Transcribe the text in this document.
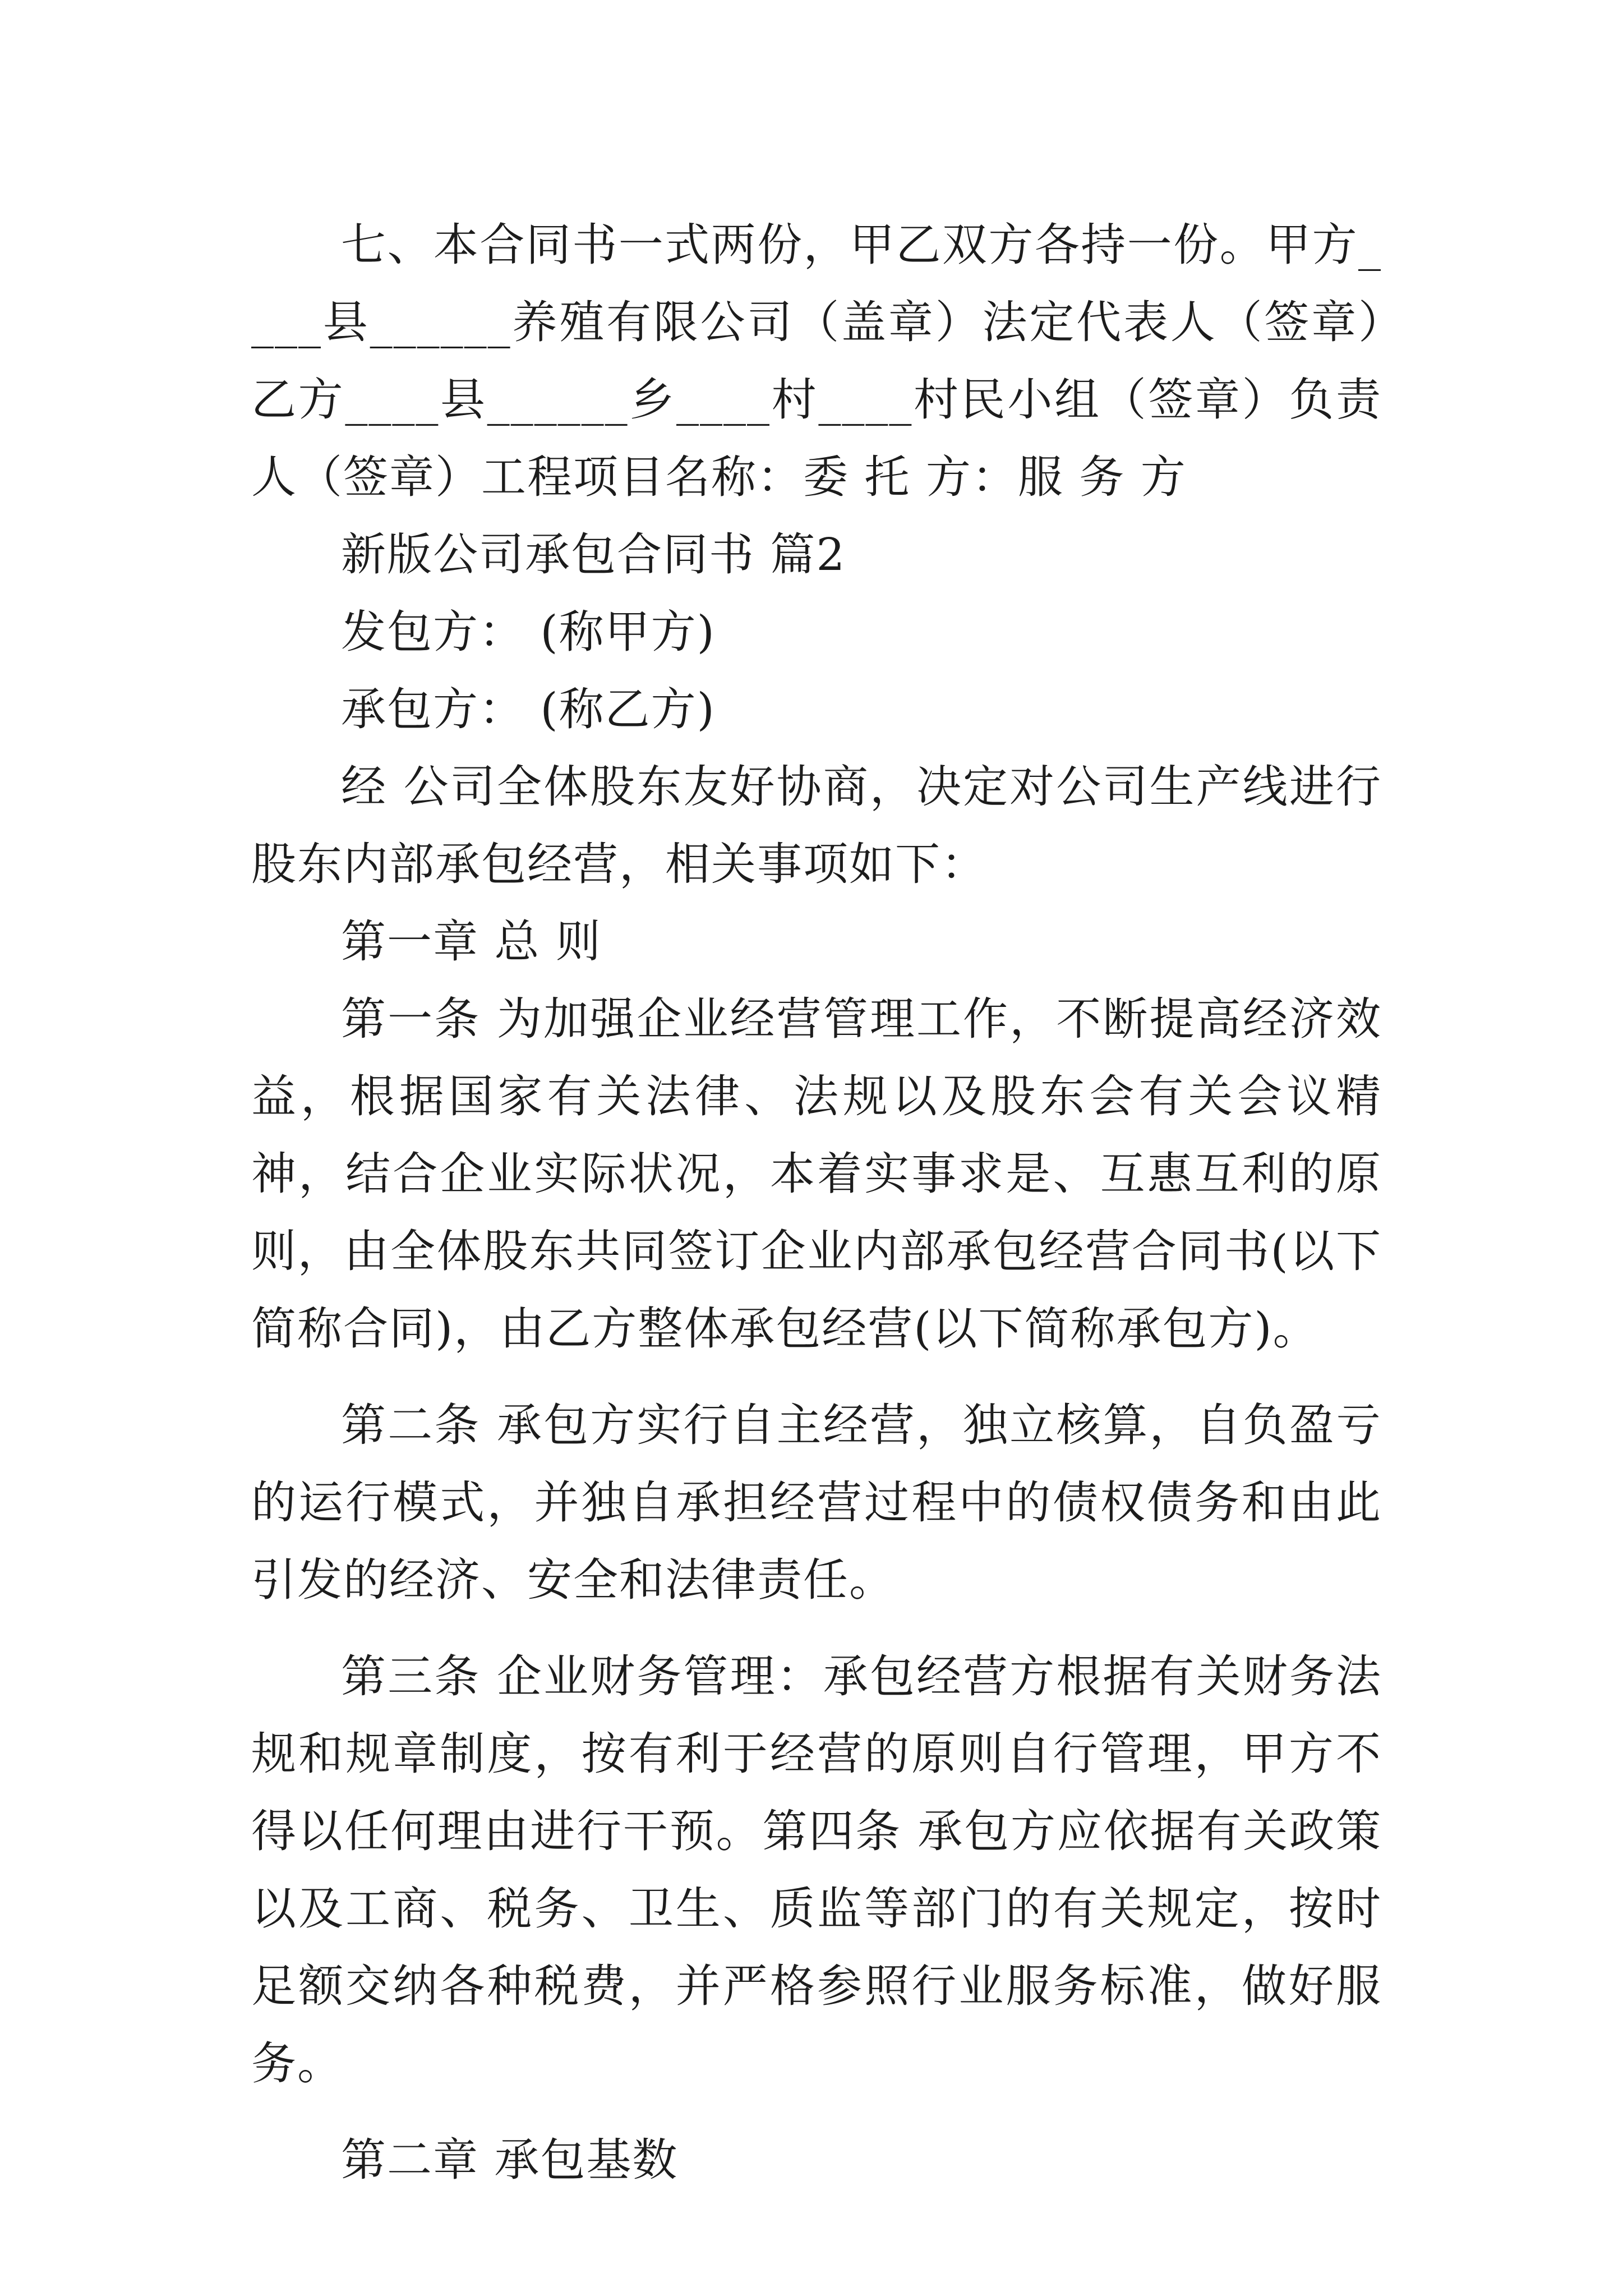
七、本合同书一式两份，甲乙双方各持一份。甲方____县______养殖有限公司（盖章）法定代表人（签章）乙方____县______乡____村____村民小组（签章）负责人（签章）工程项目名称：委 托 方：服 务 方

新版公司承包合同书 篇2

发包方： (称甲方)

承包方： (称乙方)

经 公司全体股东友好协商，决定对公司生产线进行股东内部承包经营，相关事项如下：

第一章 总 则

第一条 为加强企业经营管理工作，不断提高经济效益，根据国家有关法律、法规以及股东会有关会议精神，结合企业实际状况，本着实事求是、互惠互利的原则，由全体股东共同签订企业内部承包经营合同书(以下简称合同)，由乙方整体承包经营(以下简称承包方)。

第二条 承包方实行自主经营，独立核算，自负盈亏的运行模式，并独自承担经营过程中的债权债务和由此引发的经济、安全和法律责任。

第三条 企业财务管理：承包经营方根据有关财务法规和规章制度，按有利于经营的原则自行管理，甲方不得以任何理由进行干预。第四条 承包方应依据有关政策以及工商、税务、卫生、质监等部门的有关规定，按时足额交纳各种税费，并严格参照行业服务标准，做好服务。

第二章 承包基数
